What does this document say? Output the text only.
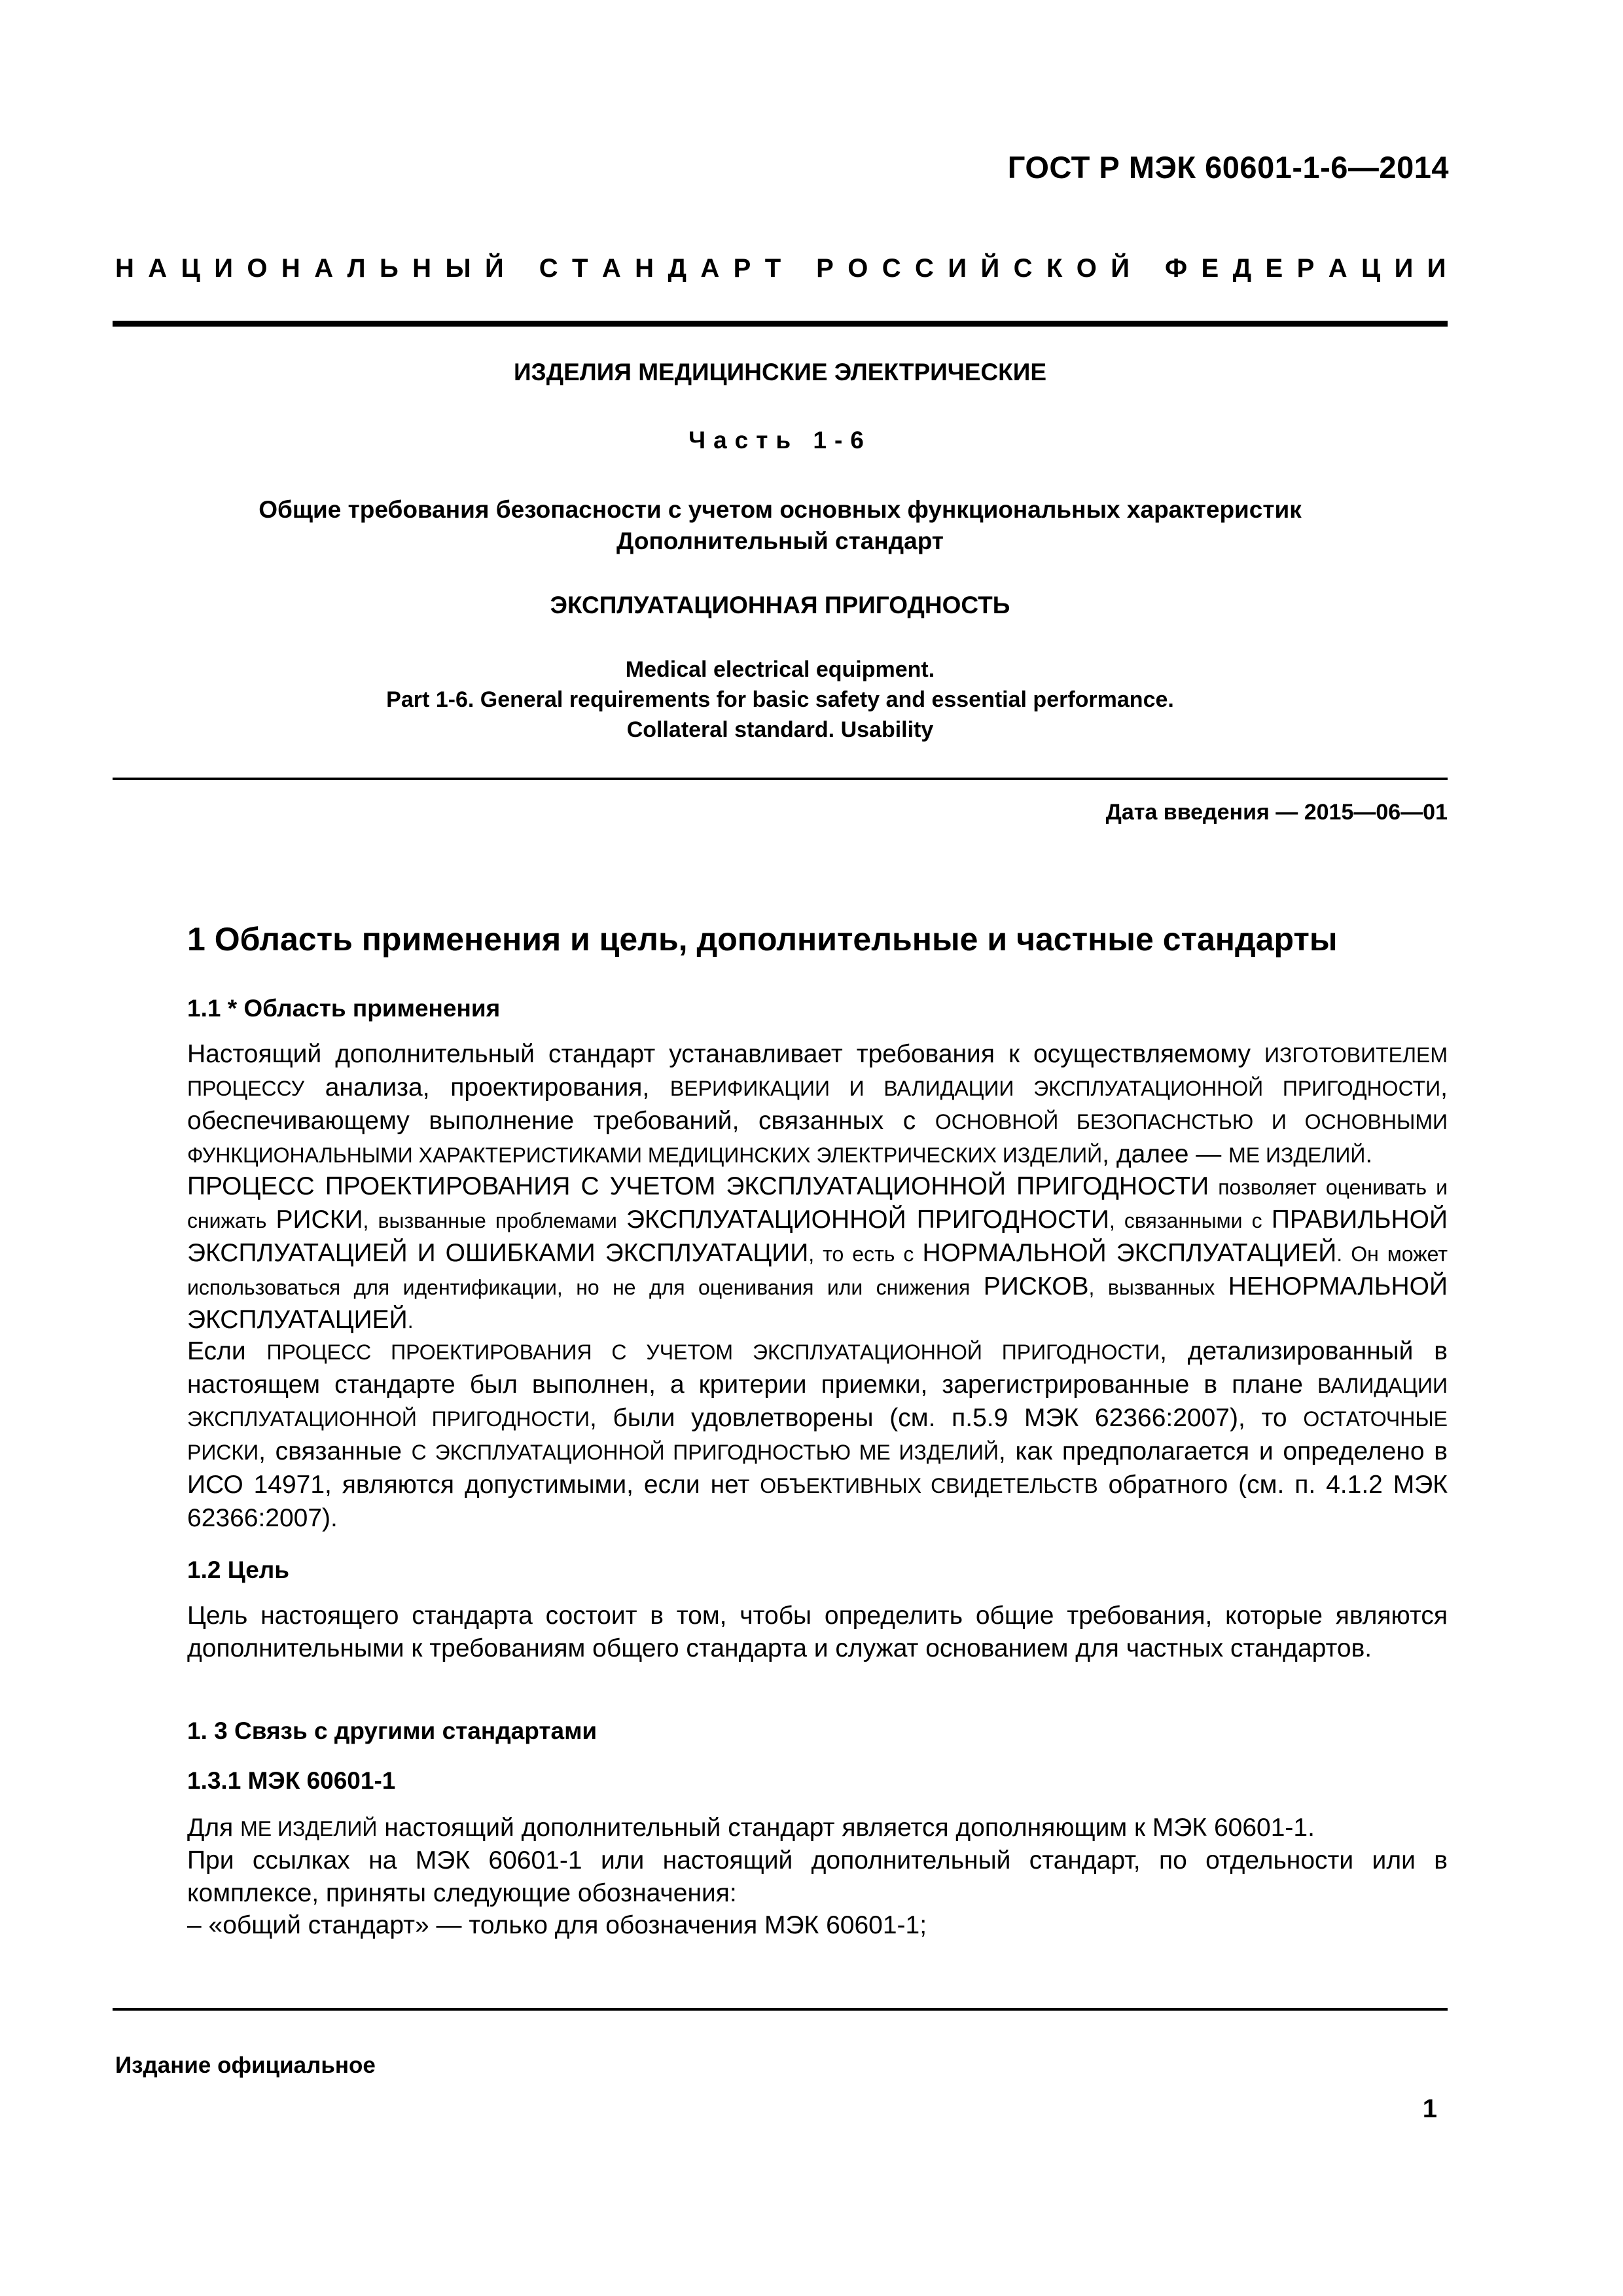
ГОСТ Р МЭК 60601-1-6—2014
Н А Ц И О Н А Л Ь Н Ы Й
С Т А Н Д А Р Т
Р О С С И Й С К О Й
Ф Е Д Е Р А Ц И И
ИЗДЕЛИЯ МЕДИЦИНСКИЕ ЭЛЕКТРИЧЕСКИЕ
Часть 1-6
Общие требования безопасности с учетом основных функциональных характеристик
Дополнительный стандарт
ЭКСПЛУАТАЦИОННАЯ ПРИГОДНОСТЬ
Medical electrical equipment.
Part 1-6. General requirements for basic safety and essential performance.
Collateral standard. Usability
Дата введения — 2015—06—01
1 Область применения и цель, дополнительные и частные стандарты
1.1 * Область применения
Настоящий дополнительный стандарт устанавливает требования к осуществляемому ИЗГОТОВИТЕЛЕМ ПРОЦЕССУ анализа, проектирования, ВЕРИФИКАЦИИ И ВАЛИДАЦИИ ЭКСПЛУАТАЦИОННОЙ ПРИГОДНОСТИ, обеспечивающему выполнение требований, связанных с ОСНОВНОЙ БЕЗОПАСНСТЬЮ И ОСНОВНЫМИ ФУНКЦИОНАЛЬНЫМИ ХАРАКТЕРИСТИКАМИ МЕДИЦИНСКИХ ЭЛЕКТРИЧЕСКИХ ИЗДЕЛИЙ, далее — МЕ ИЗДЕЛИЙ.
ПРОЦЕСС ПРОЕКТИРОВАНИЯ С УЧЕТОМ ЭКСПЛУАТАЦИОННОЙ ПРИГОДНОСТИ позволяет оценивать и снижать РИСКИ, вызванные проблемами ЭКСПЛУАТАЦИОННОЙ ПРИГОДНОСТИ, связанными с ПРАВИЛЬНОЙ ЭКСПЛУАТАЦИЕЙ И ОШИБКАМИ ЭКСПЛУАТАЦИИ, то есть с НОРМАЛЬНОЙ ЭКСПЛУАТАЦИЕЙ. Он может использоваться для идентификации, но не для оценивания или снижения РИСКОВ, вызванных НЕНОРМАЛЬНОЙ ЭКСПЛУАТАЦИЕЙ.
Если ПРОЦЕСС ПРОЕКТИРОВАНИЯ С УЧЕТОМ ЭКСПЛУАТАЦИОННОЙ ПРИГОДНОСТИ, детализированный в настоящем стандарте был выполнен, а критерии приемки, зарегистрированные в плане ВАЛИДАЦИИ ЭКСПЛУАТАЦИОННОЙ ПРИГОДНОСТИ, были удовлетворены (см. п.5.9 МЭК 62366:2007), то ОСТАТОЧНЫЕ РИСКИ, связанные С ЭКСПЛУАТАЦИОННОЙ ПРИГОДНОСТЬЮ МЕ ИЗДЕЛИЙ, как предполагается и определено в ИСО 14971, являются допустимыми, если нет ОБЪЕКТИВНЫХ СВИДЕТЕЛЬСТВ обратного (см. п. 4.1.2 МЭК 62366:2007).
1.2 Цель
Цель настоящего стандарта состоит в том, чтобы определить общие требования, которые являются дополнительными к требованиям общего стандарта и служат основанием для частных стандартов.
1. 3 Связь с другими стандартами
1.3.1 МЭК 60601-1
Для МЕ ИЗДЕЛИЙ настоящий дополнительный стандарт является дополняющим к МЭК 60601-1.
При ссылках на МЭК 60601-1 или настоящий дополнительный стандарт, по отдельности или в комплексе, приняты следующие обозначения:
– «общий стандарт» — только для обозначения МЭК 60601-1;
Издание официальное
1
